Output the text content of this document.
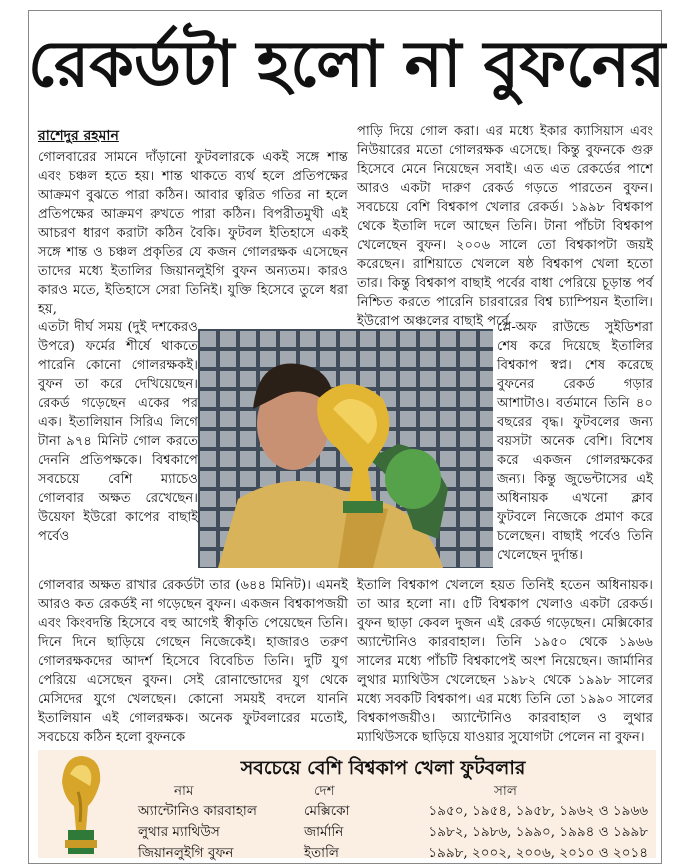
রেকর্ডটা হলো না বুফনের
রাশেদুর রহমান

গোলবারের সামনে দাঁড়ানো ফুটবলারকে একই সঙ্গে শান্ত এবং চঞ্চল হতে হয়। শান্ত থাকতে ব্যর্থ হলে প্রতিপক্ষের আক্রমণ বুঝতে পারা কঠিন। আবার ত্বরিত গতির না হলে প্রতিপক্ষের আক্রমণ রুখতে পারা কঠিন। বিপরীতমুখী এই আচরণ ধারণ করাটা কঠিন বৈকি। ফুটবল ইতিহাসে একই সঙ্গে শান্ত ও চঞ্চল প্রকৃতির যে কজন গোলরক্ষক এসেছেন তাদের মধ্যে ইতালির জিয়ানলুইগি বুফন অন্যতম। কারও কারও মতে, ইতিহাসে সেরা তিনিই। যুক্তি হিসেবে তুলে ধরা হয়,

এতটা দীর্ঘ সময় (দুই দশকেরও উপরে) ফর্মের শীর্ষে থাকতে পারেনি কোনো গোলরক্ষকই। বুফন তা করে দেখিয়েছেন। রেকর্ড গড়েছেন একের পর এক। ইতালিয়ান সিরিএ লিগে টানা ৯৭৪ মিনিট গোল করতে দেননি প্রতিপক্ষকে। বিশ্বকাপে সবচেয়ে বেশি ম্যাচেও গোলবার অক্ষত রেখেছেন। উয়েফা ইউরো কাপের বাছাই পর্বেও

পাড়ি দিয়ে গোল করা। এর মধ্যে ইকার ক্যাসিয়াস এবং নিউয়ারের মতো গোলরক্ষক এসেছে। কিন্তু বুফনকে গুরু হিসেবে মেনে নিয়েছেন সবাই। এত এত রেকর্ডের পাশে আরও একটা দারুণ রেকর্ড গড়তে পারতেন বুফন। সবচেয়ে বেশি বিশ্বকাপ খেলার রেকর্ড। ১৯৯৮ বিশ্বকাপ থেকে ইতালি দলে আছেন তিনি। টানা পাঁচটা বিশ্বকাপ খেলেছেন বুফন। ২০০৬ সালে তো বিশ্বকাপটা জয়ই করেছেন। রাশিয়াতে খেললে ষষ্ঠ বিশ্বকাপ খেলা হতো তার। কিন্তু বিশ্বকাপ বাছাই পর্বের বাধা পেরিয়ে চূড়ান্ত পর্ব নিশ্চিত করতে পারেনি চারবারের বিশ্ব চ্যাম্পিয়ন ইতালি। ইউরোপ অঞ্চলের বাছাই পর্বে

প্লে-অফ রাউন্ডে সুইডিশরা শেষ করে দিয়েছে ইতালির বিশ্বকাপ স্বপ্ন। শেষ করেছে বুফনের রেকর্ড গড়ার আশাটাও। বর্তমানে তিনি ৪০ বছরের বৃদ্ধ। ফুটবলের জন্য বয়সটা অনেক বেশি। বিশেষ করে একজন গোলরক্ষকের জন্য। কিন্তু জুভেন্টাসের এই অধিনায়ক এখনো ক্লাব ফুটবলে নিজেকে প্রমাণ করে চলেছেন। বাছাই পর্বেও তিনি খেলেছেন দুর্দান্ত।

গোলবার অক্ষত রাখার রেকর্ডটা তার (৬৪৪ মিনিট)। এমনই আরও কত রেকর্ডই না গড়েছেন বুফন। একজন বিশ্বকাপজয়ী এবং কিংবদন্তি হিসেবে বহু আগেই স্বীকৃতি পেয়েছেন তিনি। দিনে দিনে ছাড়িয়ে গেছেন নিজেকেই। হাজারও তরুণ গোলরক্ষকদের আদর্শ হিসেবে বিবেচিত তিনি। দুটি যুগ পেরিয়ে এসেছেন বুফন। সেই রোনাল্ডোদের যুগ থেকে মেসিদের যুগে খেলছেন। কোনো সময়ই বদলে যাননি ইতালিয়ান এই গোলরক্ষক। অনেক ফুটবলারের মতোই, সবচেয়ে কঠিন হলো বুফনকে

ইতালি বিশ্বকাপ খেললে হয়ত তিনিই হতেন অধিনায়ক। তা আর হলো না। ৫টি বিশ্বকাপ খেলাও একটা রেকর্ড। বুফন ছাড়া কেবল দুজন এই রেকর্ড গড়েছেন। মেক্সিকোর অ্যান্টোনিও কারবাহাল। তিনি ১৯৫০ থেকে ১৯৬৬ সালের মধ্যে পাঁচটি বিশ্বকাপেই অংশ নিয়েছেন। জার্মানির লুথার ম্যাথিউস খেলেছেন ১৯৮২ থেকে ১৯৯৮ সালের মধ্যে সবকটি বিশ্বকাপ। এর মধ্যে তিনি তো ১৯৯০ সালের বিশ্বকাপজয়ীও। অ্যান্টোনিও কারবাহাল ও লুথার ম্যাথিউসকে ছাড়িয়ে যাওয়ার সুযোগটা পেলেন না বুফন।

সবচেয়ে বেশি বিশ্বকাপ খেলা ফুটবলার
নাম	দেশ	সাল
অ্যান্টোনিও কারবাহাল	মেক্সিকো	১৯৫০, ১৯৫৪, ১৯৫৮, ১৯৬২ ও ১৯৬৬
লুথার ম্যাথিউস	জার্মানি	১৯৮২, ১৯৮৬, ১৯৯০, ১৯৯৪ ও ১৯৯৮
জিয়ানলুইগি বুফন	ইতালি	১৯৯৮, ২০০২, ২০০৬, ২০১০ ও ২০১৪
